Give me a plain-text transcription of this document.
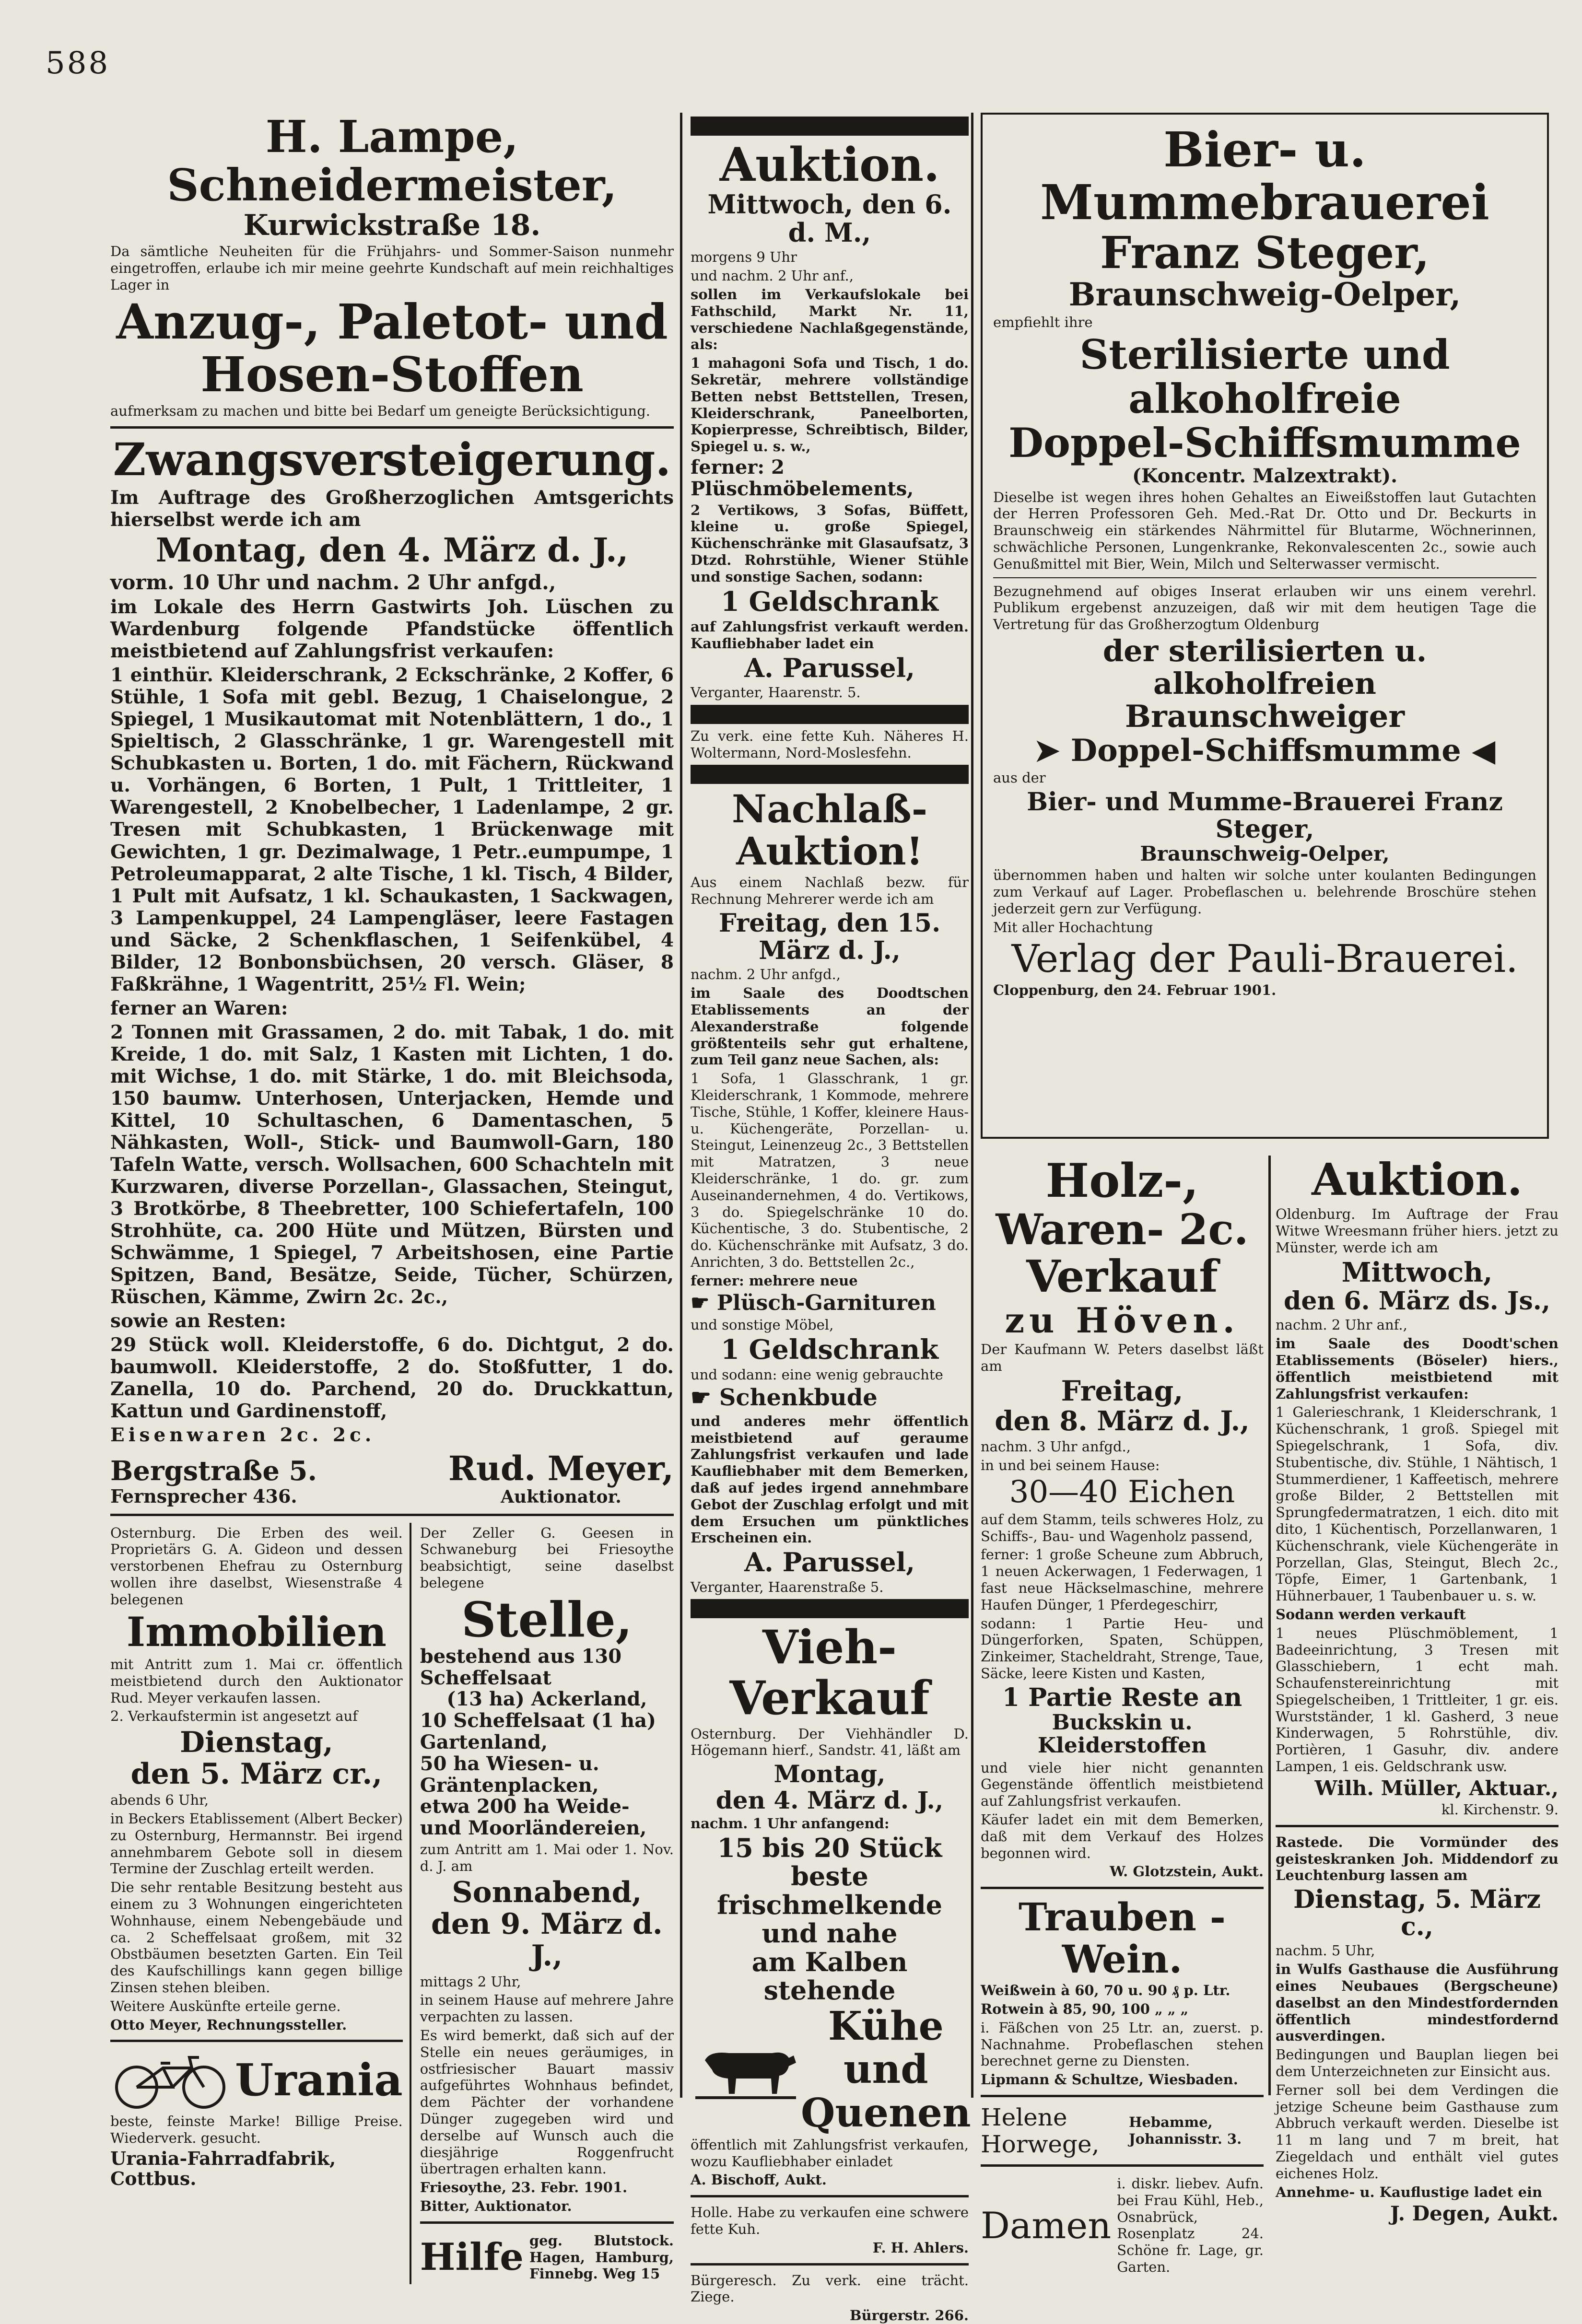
588
H. Lampe, Schneidermeister,
Kurwickstraße 18.
Da sämtliche Neuheiten für die Frühjahrs- und Sommer-Saison nunmehr eingetroffen, erlaube ich mir meine geehrte Kundschaft auf mein reichhaltiges Lager in
Anzug-, Paletot- und
Hosen-Stoffen
aufmerksam zu machen und bitte bei Bedarf um geneigte Berücksichtigung.
Zwangsversteigerung.
Im Auftrage des Großherzoglichen Amtsgerichts hierselbst werde ich am
Montag, den 4. März d. J.,
vorm. 10 Uhr und nachm. 2 Uhr anfgd.,
im Lokale des Herrn Gastwirts Joh. Lüschen zu Wardenburg folgende Pfandstücke öffentlich meistbietend auf Zahlungsfrist verkaufen:
1 einthür. Kleiderschrank, 2 Eckschränke, 2 Koffer, 6 Stühle, 1 Sofa mit gebl. Bezug, 1 Chaiselongue, 2 Spiegel, 1 Musikautomat mit Notenblättern, 1 do., 1 Spieltisch, 2 Glasschränke, 1 gr. Warengestell mit Schubkasten u. Borten, 1 do. mit Fächern, Rückwand u. Vorhängen, 6 Borten, 1 Pult, 1 Trittleiter, 1 Warengestell, 2 Knobelbecher, 1 Ladenlampe, 2 gr. Tresen mit Schubkasten, 1 Brückenwage mit Gewichten, 1 gr. Dezimalwage, 1 Petr..eumpumpe, 1 Petroleumapparat, 2 alte Tische, 1 kl. Tisch, 4 Bilder, 1 Pult mit Aufsatz, 1 kl. Schaukasten, 1 Sackwagen, 3 Lampenkuppel, 24 Lampengläser, leere Fastagen und Säcke, 2 Schenkflaschen, 1 Seifenkübel, 4 Bilder, 12 Bonbonsbüchsen, 20 versch. Gläser, 8 Faßkrähne, 1 Wagentritt, 25½ Fl. Wein;
ferner an Waren:
2 Tonnen mit Grassamen, 2 do. mit Tabak, 1 do. mit Kreide, 1 do. mit Salz, 1 Kasten mit Lichten, 1 do. mit Wichse, 1 do. mit Stärke, 1 do. mit Bleichsoda, 150 baumw. Unterhosen, Unterjacken, Hemde und Kittel, 10 Schultaschen, 6 Damentaschen, 5 Nähkasten, Woll-, Stick- und Baumwoll-Garn, 180 Tafeln Watte, versch. Wollsachen, 600 Schachteln mit Kurzwaren, diverse Porzellan-, Glassachen, Steingut, 3 Brotkörbe, 8 Theebretter, 100 Schiefertafeln, 100 Strohhüte, ca. 200 Hüte und Mützen, Bürsten und Schwämme, 1 Spiegel, 7 Arbeitshosen, eine Partie Spitzen, Band, Besätze, Seide, Tücher, Schürzen, Rüschen, Kämme, Zwirn 2c. 2c.,
sowie an Resten:
29 Stück woll. Kleiderstoffe, 6 do. Dichtgut, 2 do. baumwoll. Kleiderstoffe, 2 do. Stoßfutter, 1 do. Zanella, 10 do. Parchend, 20 do. Druckkattun, Kattun und Gardinenstoff,
Eisenwaren 2c. 2c.
Bergstraße 5.
Fernsprecher 436.
Rud. Meyer,
Auktionator.
Osternburg. Die Erben des weil. Proprietärs G. A. Gideon und dessen verstorbenen Ehefrau zu Osternburg wollen ihre daselbst, Wiesenstraße 4 belegenen
Immobilien
mit Antritt zum 1. Mai cr. öffentlich meistbietend durch den Auktionator Rud. Meyer verkaufen lassen.
2. Verkaufstermin ist angesetzt auf
Dienstag,
den 5. März cr.,
abends 6 Uhr,
in Beckers Etablissement (Albert Becker) zu Osternburg, Hermannstr. Bei irgend annehmbarem Gebote soll in diesem Termine der Zuschlag erteilt werden.
Die sehr rentable Besitzung besteht aus einem zu 3 Wohnungen eingerichteten Wohnhause, einem Nebengebäude und ca. 2 Scheffelsaat großem, mit 32 Obstbäumen besetzten Garten. Ein Teil des Kaufschillings kann gegen billige Zinsen stehen bleiben.
Weitere Auskünfte erteile gerne.
Otto Meyer, Rechnungssteller.
Urania
beste, feinste Marke! Billige Preise. Wiederverk. gesucht.
Urania-Fahrradfabrik, Cottbus.
Der Zeller G. Geesen in Schwaneburg bei Friesoythe beabsichtigt, seine daselbst belegene
Stelle,
bestehend aus 130 Scheffelsaat
(13 ha) Ackerland,
10 Scheffelsaat (1 ha) Gartenland,
50 ha Wiesen- u. Gräntenplacken,
etwa 200 ha Weide- und Moorländereien,
zum Antritt am 1. Mai oder 1. Nov. d. J. am
Sonnabend,
den 9. März d. J.,
mittags 2 Uhr,
in seinem Hause auf mehrere Jahre verpachten zu lassen.
Es wird bemerkt, daß sich auf der Stelle ein neues geräumiges, in ostfriesischer Bauart massiv aufgeführtes Wohnhaus befindet, dem Pächter der vorhandene Dünger zugegeben wird und derselbe auf Wunsch auch die diesjährige Roggenfrucht übertragen erhalten kann.
Friesoythe, 23. Febr. 1901.
Bitter, Auktionator.
Hilfe geg. Blutstock. Hagen, Hamburg, Finnebg. Weg 15
Auktion.
Mittwoch, den 6. d. M.,
morgens 9 Uhr
und nachm. 2 Uhr anf.,
sollen im Verkaufslokale bei Fathschild, Markt Nr. 11, verschiedene Nachlaßgegenstände, als:
1 mahagoni Sofa und Tisch, 1 do. Sekretär, mehrere vollständige Betten nebst Bettstellen, Tresen, Kleiderschrank, Paneelborten, Kopierpresse, Schreibtisch, Bilder, Spiegel u. s. w.,
ferner: 2 Plüschmöbelements,
2 Vertikows, 3 Sofas, Büffett, kleine u. große Spiegel, Küchenschränke mit Glasaufsatz, 3 Dtzd. Rohrstühle, Wiener Stühle und sonstige Sachen, sodann:
1 Geldschrank
auf Zahlungsfrist verkauft werden. Kaufliebhaber ladet ein
A. Parussel,
Verganter, Haarenstr. 5.
Zu verk. eine fette Kuh. Näheres H. Woltermann, Nord-Moslesfehn.
Nachlaß-Auktion!
Aus einem Nachlaß bezw. für Rechnung Mehrerer werde ich am
Freitag, den 15. März d. J.,
nachm. 2 Uhr anfgd.,
im Saale des Doodtschen Etablissements an der Alexanderstraße folgende größtenteils sehr gut erhaltene, zum Teil ganz neue Sachen, als:
1 Sofa, 1 Glasschrank, 1 gr. Kleiderschrank, 1 Kommode, mehrere Tische, Stühle, 1 Koffer, kleinere Haus- u. Küchengeräte, Porzellan- u. Steingut, Leinenzeug 2c., 3 Bettstellen mit Matratzen, 3 neue Kleiderschränke, 1 do. gr. zum Auseinandernehmen, 4 do. Vertikows, 3 do. Spiegelschränke 10 do. Küchentische, 3 do. Stubentische, 2 do. Küchenschränke mit Aufsatz, 3 do. Anrichten, 3 do. Bettstellen 2c.,
ferner: mehrere neue
☛ Plüsch-Garnituren
und sonstige Möbel,
1 Geldschrank
und sodann: eine wenig gebrauchte
☛ Schenkbude
und anderes mehr öffentlich meistbietend auf geraume Zahlungsfrist verkaufen und lade Kaufliebhaber mit dem Bemerken, daß auf jedes irgend annehmbare Gebot der Zuschlag erfolgt und mit dem Ersuchen um pünktliches Erscheinen ein.
A. Parussel,
Verganter, Haarenstraße 5.
Vieh-Verkauf
Osternburg. Der Viehhändler D. Högemann hierf., Sandstr. 41, läßt am
Montag,
den 4. März d. J.,
nachm. 1 Uhr anfangend:
15 bis 20 Stück beste
frischmelkende und nahe
am Kalben stehende
Kühe und
Quenen
öffentlich mit Zahlungsfrist verkaufen, wozu Kaufliebhaber einladet
A. Bischoff, Aukt.
Holle. Habe zu verkaufen eine schwere fette Kuh.
F. H. Ahlers.
Bürgeresch. Zu verk. eine trächt. Ziege.
Bürgerstr. 266.
Bier- u. Mummebrauerei
Franz Steger,
Braunschweig-Oelper,
empfiehlt ihre
Sterilisierte und alkoholfreie
Doppel-Schiffsmumme
(Koncentr. Malzextrakt).
Dieselbe ist wegen ihres hohen Gehaltes an Eiweißstoffen laut Gutachten der Herren Professoren Geh. Med.-Rat Dr. Otto und Dr. Beckurts in Braunschweig ein stärkendes Nährmittel für Blutarme, Wöchnerinnen, schwächliche Personen, Lungenkranke, Rekonvalescenten 2c., sowie auch Genußmittel mit Bier, Wein, Milch und Selterwasser vermischt.
Bezugnehmend auf obiges Inserat erlauben wir uns einem verehrl. Publikum ergebenst anzuzeigen, daß wir mit dem heutigen Tage die Vertretung für das Großherzogtum Oldenburg
der sterilisierten u. alkoholfreien
Braunschweiger
➤ Doppel-Schiffsmumme ◀
aus der
Bier- und Mumme-Brauerei Franz Steger,
Braunschweig-Oelper,
übernommen haben und halten wir solche unter koulanten Bedingungen zum Verkauf auf Lager. Probeflaschen u. belehrende Broschüre stehen jederzeit gern zur Verfügung.
Mit aller Hochachtung
Verlag der Pauli-Brauerei.
Cloppenburg, den 24. Februar 1901.
Holz-,
Waren- 2c.
Verkauf
zu Höven.
Der Kaufmann W. Peters daselbst läßt am
Freitag,
den 8. März d. J.,
nachm. 3 Uhr anfgd.,
in und bei seinem Hause:
30—40 Eichen
auf dem Stamm, teils schweres Holz, zu Schiffs-, Bau- und Wagenholz passend,
ferner: 1 große Scheune zum Abbruch, 1 neuen Ackerwagen, 1 Federwagen, 1 fast neue Häckselmaschine, mehrere Haufen Dünger, 1 Pferdegeschirr,
sodann: 1 Partie Heu- und Düngerforken, Spaten, Schüppen, Zinkeimer, Stacheldraht, Strenge, Taue, Säcke, leere Kisten und Kasten,
1 Partie Reste an
Buckskin u. Kleiderstoffen
und viele hier nicht genannten Gegenstände öffentlich meistbietend auf Zahlungsfrist verkaufen.
Käufer ladet ein mit dem Bemerken, daß mit dem Verkauf des Holzes begonnen wird.
W. Glotzstein, Aukt.
Trauben - Wein.
Weißwein à 60, 70 u. 90 ₰ p. Ltr.
Rotwein à 85, 90, 100 „ „ „
i. Fäßchen von 25 Ltr. an, zuerst. p. Nachnahme. Probeflaschen stehen berechnet gerne zu Diensten.
Lipmann & Schultze, Wiesbaden.
Helene Horwege,
Hebamme, Johannisstr. 3.
Damen
i. diskr. liebev. Aufn. bei Frau Kühl, Heb., Osnabrück, Rosenplatz 24. Schöne fr. Lage, gr. Garten.
Auktion.
Oldenburg. Im Auftrage der Frau Witwe Wreesmann früher hiers. jetzt zu Münster, werde ich am
Mittwoch,
den 6. März ds. Js.,
nachm. 2 Uhr anf.,
im Saale des Doodt'schen Etablissements (Böseler) hiers., öffentlich meistbietend mit Zahlungsfrist verkaufen:
1 Galerieschrank, 1 Kleiderschrank, 1 Küchenschrank, 1 groß. Spiegel mit Spiegelschrank, 1 Sofa, div. Stubentische, div. Stühle, 1 Nähtisch, 1 Stummerdiener, 1 Kaffeetisch, mehrere große Bilder, 2 Bettstellen mit Sprungfedermatratzen, 1 eich. dito mit dito, 1 Küchentisch, Porzellanwaren, 1 Küchenschrank, viele Küchengeräte in Porzellan, Glas, Steingut, Blech 2c., Töpfe, Eimer, 1 Gartenbank, 1 Hühnerbauer, 1 Taubenbauer u. s. w.
Sodann werden verkauft
1 neues Plüschmöblement, 1 Badeeinrichtung, 3 Tresen mit Glasschiebern, 1 echt mah. Schaufenstereinrichtung mit Spiegelscheiben, 1 Trittleiter, 1 gr. eis. Wurstständer, 1 kl. Gasherd, 3 neue Kinderwagen, 5 Rohrstühle, div. Portièren, 1 Gasuhr, div. andere Lampen, 1 eis. Geldschrank usw.
Wilh. Müller, Aktuar.,
kl. Kirchenstr. 9.
Rastede. Die Vormünder des geisteskranken Joh. Middendorf zu Leuchtenburg lassen am
Dienstag, 5. März c.,
nachm. 5 Uhr,
in Wulfs Gasthause die Ausführung eines Neubaues (Bergscheune) daselbst an den Mindestfordernden öffentlich mindestfordernd ausverdingen.
Bedingungen und Bauplan liegen bei dem Unterzeichneten zur Einsicht aus.
Ferner soll bei dem Verdingen die jetzige Scheune beim Gasthause zum Abbruch verkauft werden. Dieselbe ist 11 m lang und 7 m breit, hat Ziegeldach und enthält viel gutes eichenes Holz.
Annehme- u. Kauflustige ladet ein
J. Degen, Aukt.
